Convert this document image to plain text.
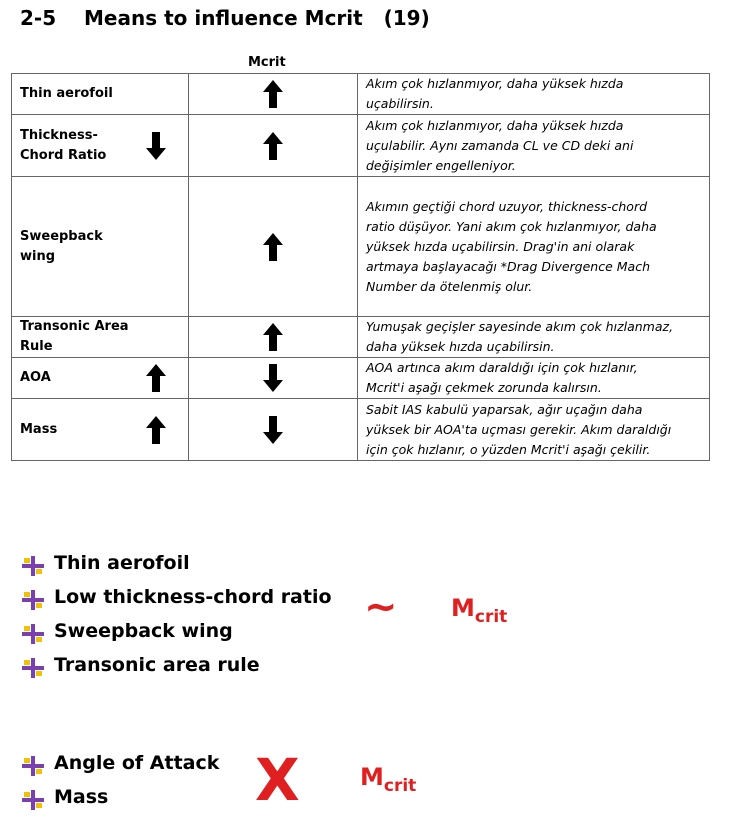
2-5 Means to influence Mcrit   (19)
Mcrit
Thin aerofoil		Akım çok hızlanmıyor, daha yüksek hızda
uçabilirsin.

Thickness-Chord Ratio		Akım çok hızlanmıyor, daha yüksek hızda
uçulabilir. Aynı zamanda CL ve CD deki ani
değişimler engelleniyor.

Sweepback wing		Akımın geçtiği chord uzuyor, thickness-chord
ratio düşüyor. Yani akım çok hızlanmıyor, daha
yüksek hızda uçabilirsin. Drag'in ani olarak
artmaya başlayacağı *Drag Divergence Mach
Number da ötelenmiş olur.

Transonic Area Rule		Yumuşak geçişler sayesinde akım çok hızlanmaz,
daha yüksek hızda uçabilirsin.

AOA		AOA artınca akım daraldığı için çok hızlanır,
Mcrit'i aşağı çekmek zorunda kalırsın.

Mass		Sabit IAS kabulü yaparsak, ağır uçağın daha
yüksek bir AOA'ta uçması gerekir. Akım daraldığı
için çok hızlanır, o yüzden Mcrit'i aşağı çekilir.
Thin aerofoil
Low thickness-chord ratio
Sweepback wing
Transonic area rule
~ Mcrit
Angle of Attack
Mass	X	Mcrit
